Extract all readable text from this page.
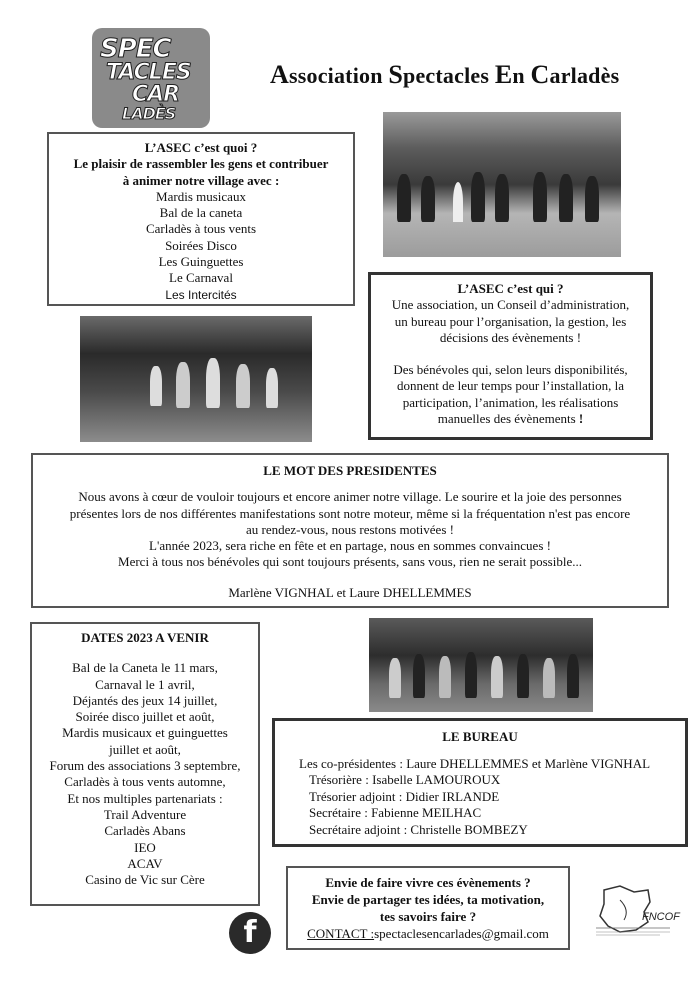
SPEC
TACLES
CAR
LADÈS
Association Spectacles En Carladès
L’ASEC c’est quoi ?
Le plaisir de rassembler les gens et contribuer
à animer notre village avec :
Mardis musicaux
Bal de la caneta
Carladès à tous vents
Soirées Disco
Les Guinguettes
Le Carnaval
Les Intercités	L’ASEC c’est qui ?
Une association, un Conseil d’administration,
un bureau pour l’organisation, la gestion, les
décisions des évènements !
Des bénévoles qui, selon leurs disponibilités,
donnent de leur temps pour l’installation, la
participation, l’animation, les réalisations
manuelles des évènements !
LE MOT DES PRESIDENTES
Nous avons à cœur de vouloir toujours et encore animer notre village. Le sourire et la joie des personnes
présentes lors de nos différentes manifestations sont notre moteur, même si la fréquentation n'est pas encore
au rendez-vous, nous restons motivées !
L'année 2023, sera riche en fête et en partage, nous en sommes convaincues !
Merci à tous nos bénévoles qui sont toujours présents, sans vous, rien ne serait possible...
Marlène VIGNHAL et Laure DHELLEMMES
DATES 2023 A VENIR
Bal de la Caneta le 11 mars,
Carnaval le 1 avril,
Déjantés des jeux 14 juillet,
Soirée disco juillet et août,
Mardis musicaux et guinguettes
juillet et août,
Forum des associations 3 septembre,
Carladès à tous vents automne,
Et nos multiples partenariats :
Trail Adventure
Carladès Abans
IEO
ACAV
Casino de Vic sur Cère
LE BUREAU
Les co-présidentes : Laure DHELLEMMES et Marlène VIGNHAL
Trésorière : Isabelle LAMOUROUX
Trésorier adjoint : Didier IRLANDE
Secrétaire : Fabienne MEILHAC
Secrétaire adjoint : Christelle BOMBEZY
Envie de faire vivre ces évènements ?
Envie de partager tes idées, ta motivation,
tes savoirs faire ?
CONTACT :spectaclesencarlades@gmail.com
f	FNCOF
